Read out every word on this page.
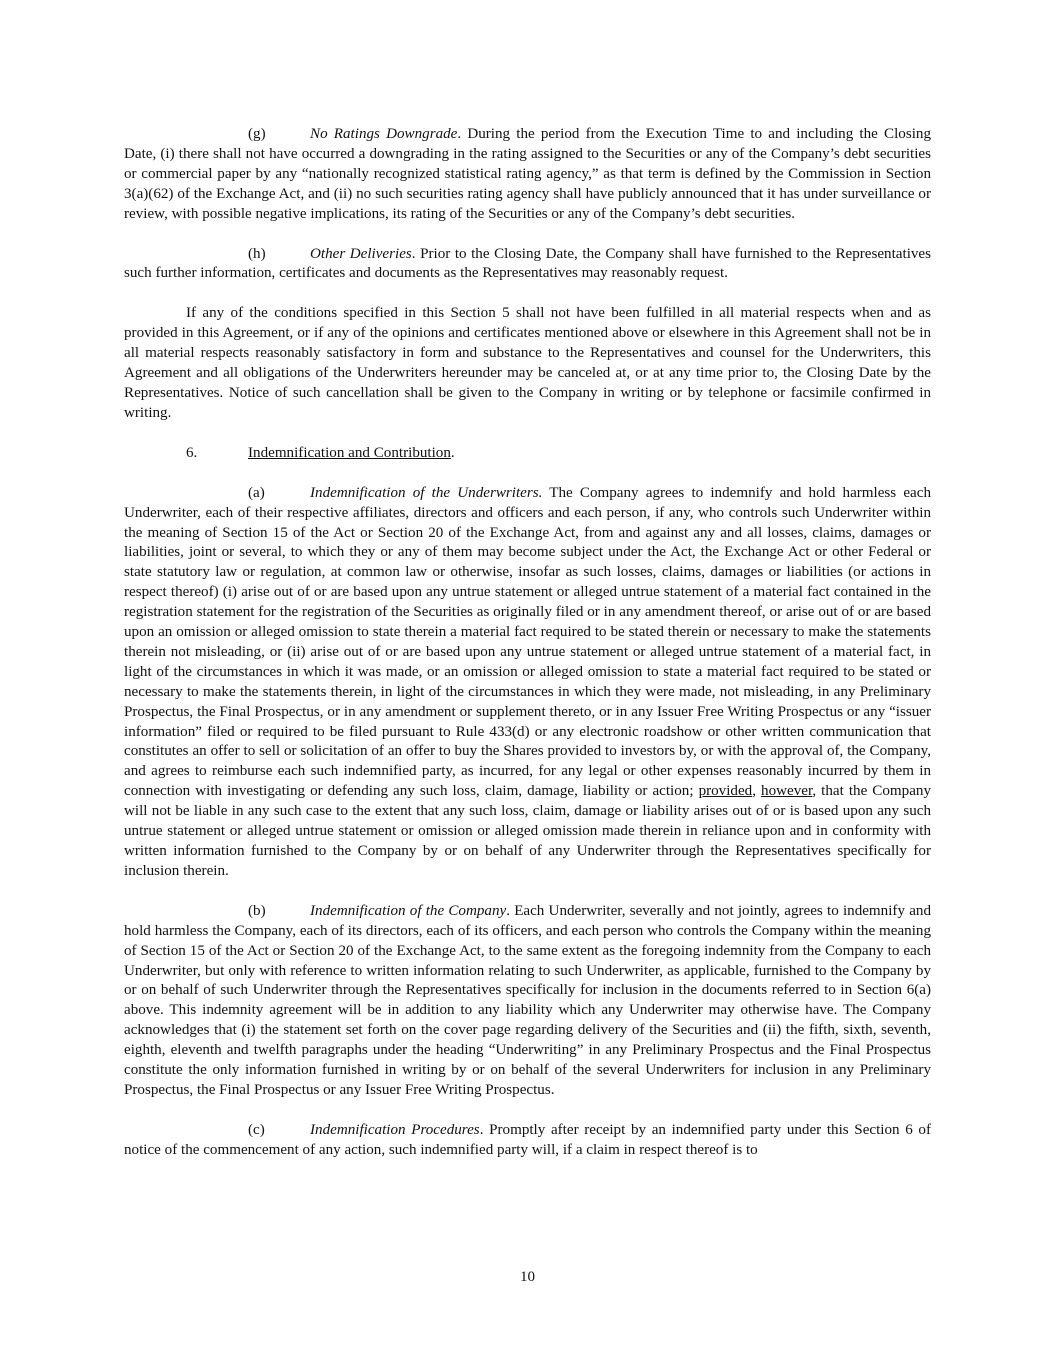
(g)	No Ratings Downgrade. During the period from the Execution Time to and including the Closing Date, (i) there shall not have occurred a downgrading in the rating assigned to the Securities or any of the Company’s debt securities or commercial paper by any “nationally recognized statistical rating agency,” as that term is defined by the Commission in Section 3(a)(62) of the Exchange Act, and (ii) no such securities rating agency shall have publicly announced that it has under surveillance or review, with possible negative implications, its rating of the Securities or any of the Company’s debt securities.

(h)	Other Deliveries. Prior to the Closing Date, the Company shall have furnished to the Representatives such further information, certificates and documents as the Representatives may reasonably request.

If any of the conditions specified in this Section 5 shall not have been fulfilled in all material respects when and as provided in this Agreement, or if any of the opinions and certificates mentioned above or elsewhere in this Agreement shall not be in all material respects reasonably satisfactory in form and substance to the Representatives and counsel for the Underwriters, this Agreement and all obligations of the Underwriters hereunder may be canceled at, or at any time prior to, the Closing Date by the Representatives. Notice of such cancellation shall be given to the Company in writing or by telephone or facsimile confirmed in writing.

6.	Indemnification and Contribution.

(a)	Indemnification of the Underwriters. The Company agrees to indemnify and hold harmless each Underwriter, each of their respective affiliates, directors and officers and each person, if any, who controls such Underwriter within the meaning of Section 15 of the Act or Section 20 of the Exchange Act, from and against any and all losses, claims, damages or liabilities, joint or several, to which they or any of them may become subject under the Act, the Exchange Act or other Federal or state statutory law or regulation, at common law or otherwise, insofar as such losses, claims, damages or liabilities (or actions in respect thereof) (i) arise out of or are based upon any untrue statement or alleged untrue statement of a material fact contained in the registration statement for the registration of the Securities as originally filed or in any amendment thereof, or arise out of or are based upon an omission or alleged omission to state therein a material fact required to be stated therein or necessary to make the statements therein not misleading, or (ii) arise out of or are based upon any untrue statement or alleged untrue statement of a material fact, in light of the circumstances in which it was made, or an omission or alleged omission to state a material fact required to be stated or necessary to make the statements therein, in light of the circumstances in which they were made, not misleading, in any Preliminary Prospectus, the Final Prospectus, or in any amendment or supplement thereto, or in any Issuer Free Writing Prospectus or any “issuer information” filed or required to be filed pursuant to Rule 433(d) or any electronic roadshow or other written communication that constitutes an offer to sell or solicitation of an offer to buy the Shares provided to investors by, or with the approval of, the Company, and agrees to reimburse each such indemnified party, as incurred, for any legal or other expenses reasonably incurred by them in connection with investigating or defending any such loss, claim, damage, liability or action; provided, however, that the Company will not be liable in any such case to the extent that any such loss, claim, damage or liability arises out of or is based upon any such untrue statement or alleged untrue statement or omission or alleged omission made therein in reliance upon and in conformity with written information furnished to the Company by or on behalf of any Underwriter through the Representatives specifically for inclusion therein.

(b)	Indemnification of the Company. Each Underwriter, severally and not jointly, agrees to indemnify and hold harmless the Company, each of its directors, each of its officers, and each person who controls the Company within the meaning of Section 15 of the Act or Section 20 of the Exchange Act, to the same extent as the foregoing indemnity from the Company to each Underwriter, but only with reference to written information relating to such Underwriter, as applicable, furnished to the Company by or on behalf of such Underwriter through the Representatives specifically for inclusion in the documents referred to in Section 6(a) above. This indemnity agreement will be in addition to any liability which any Underwriter may otherwise have. The Company acknowledges that (i) the statement set forth on the cover page regarding delivery of the Securities and (ii) the fifth, sixth, seventh, eighth, eleventh and twelfth paragraphs under the heading “Underwriting” in any Preliminary Prospectus and the Final Prospectus constitute the only information furnished in writing by or on behalf of the several Underwriters for inclusion in any Preliminary Prospectus, the Final Prospectus or any Issuer Free Writing Prospectus.

(c)	Indemnification Procedures. Promptly after receipt by an indemnified party under this Section 6 of notice of the commencement of any action, such indemnified party will, if a claim in respect thereof is to

10
